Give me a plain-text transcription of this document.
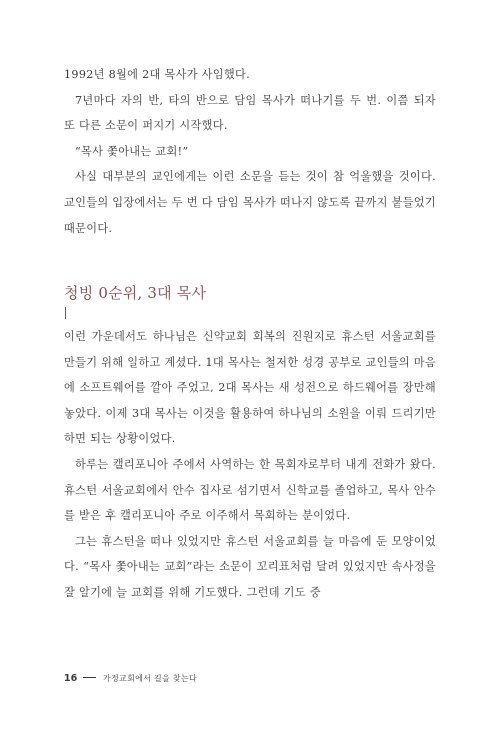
1992년 8월에 2대 목사가 사임했다.

7년마다 자의 반, 타의 반으로 담임 목사가 떠나기를 두 번. 이쯤 되자 또 다른 소문이 퍼지기 시작했다.

“목사 쫓아내는 교회!”

사실 대부분의 교인에게는 이런 소문을 듣는 것이 참 억울했을 것이다. 교인들의 입장에서는 두 번 다 담임 목사가 떠나지 않도록 끝까지 붙들었기 때문이다.

청빙 0순위, 3대 목사

이런 가운데서도 하나님은 신약교회 회복의 진원지로 휴스턴 서울교회를 만들기 위해 일하고 계셨다. 1대 목사는 철저한 성경 공부로 교인들의 마음에 소프트웨어를 깔아 주었고, 2대 목사는 새 성전으로 하드웨어를 장만해 놓았다. 이제 3대 목사는 이것을 활용하여 하나님의 소원을 이뤄 드리기만 하면 되는 상황이었다.

하루는 캘리포니아 주에서 사역하는 한 목회자로부터 내게 전화가 왔다. 휴스턴 서울교회에서 안수 집사로 섬기면서 신학교를 졸업하고, 목사 안수를 받은 후 캘리포니아 주로 이주해서 목회하는 분이었다.

그는 휴스턴을 떠나 있었지만 휴스턴 서울교회를 늘 마음에 둔 모양이었다. “목사 쫓아내는 교회”라는 소문이 꼬리표처럼 달려 있었지만 속사정을 잘 알기에 늘 교회를 위해 기도했다. 그런데 기도 중

16	가정교회에서 길을 찾는다
